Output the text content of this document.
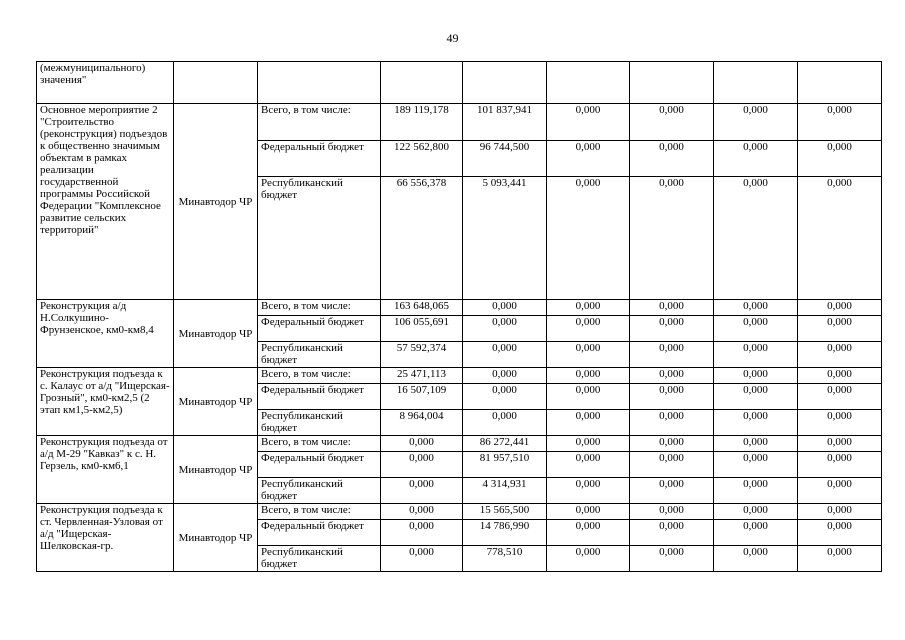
49
(межмуниципального) значения"								
Основное мероприятие 2 "Строительство (реконструкция) подъездов к общественно значимым объектам в рамках реализации государственной программы Российской Федерации "Комплексное развитие сельских территорий"	Минавтодор ЧР	Всего, в том числе:	189 119,178	101 837,941	0,000	0,000	0,000	0,000
		Федеральный бюджет	122 562,800	96 744,500	0,000	0,000	0,000	0,000
		Республиканский бюджет	66 556,378	5 093,441	0,000	0,000	0,000	0,000
Реконструкция а/д Н.Солкушино-Фрунзенское, км0-км8,4	Минавтодор ЧР	Всего, в том числе:	163 648,065	0,000	0,000	0,000	0,000	0,000
		Федеральный бюджет	106 055,691	0,000	0,000	0,000	0,000	0,000
		Республиканский бюджет	57 592,374	0,000	0,000	0,000	0,000	0,000
Реконструкция подъезда к с. Калаус от а/д "Ищерская-Грозный", км0-км2,5 (2 этап км1,5-км2,5)	Минавтодор ЧР	Всего, в том числе:	25 471,113	0,000	0,000	0,000	0,000	0,000
		Федеральный бюджет	16 507,109	0,000	0,000	0,000	0,000	0,000
		Республиканский бюджет	8 964,004	0,000	0,000	0,000	0,000	0,000
Реконструкция подъезда от а/д М-29 "Кавказ" к с. Н. Герзель, км0-км6,1	Минавтодор ЧР	Всего, в том числе:	0,000	86 272,441	0,000	0,000	0,000	0,000
		Федеральный бюджет	0,000	81 957,510	0,000	0,000	0,000	0,000
		Республиканский бюджет	0,000	4 314,931	0,000	0,000	0,000	0,000
Реконструкция подъезда к ст. Червленная-Узловая от а/д "Ищерская-Шелковская-гр.	Минавтодор ЧР	Всего, в том числе:	0,000	15 565,500	0,000	0,000	0,000	0,000
		Федеральный бюджет	0,000	14 786,990	0,000	0,000	0,000	0,000
		Республиканский бюджет	0,000	778,510	0,000	0,000	0,000	0,000
